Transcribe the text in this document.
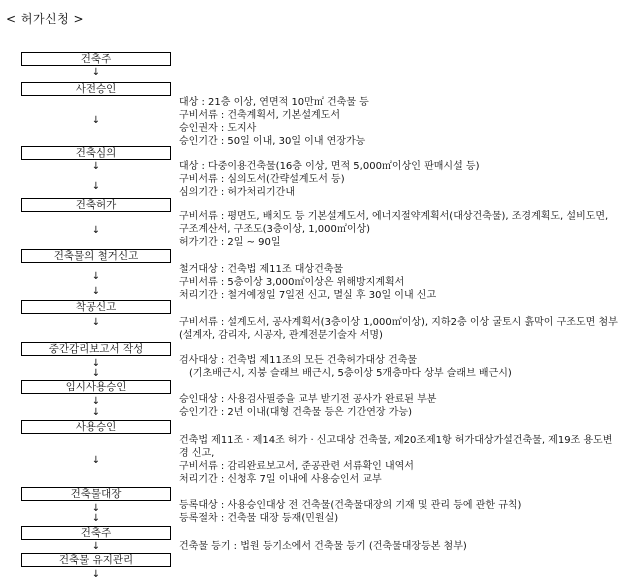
< 허가신청 >
건축주
사전승인
건축심의
건축허가
건축물의 철거신고
착공신고
중간감리보고서 작성
임시사용승인
사용승인
건축물대장
건축주
건축물 유지관리
↓
↓
↓
↓
↓
↓
↓
↓
↓
↓
↓
↓
↓
↓
↓
↓
↓
대상 : 21층 이상, 연면적 10만㎡ 건축물 등
구비서류 : 건축계획서, 기본설계도서
승인권자 : 도지사
승인기간 : 50일 이내, 30일 이내 연장가능
대상 : 다중이용건축물(16층 이상, 면적 5,000㎡이상인 판매시설 등)
구비서류 : 심의도서(간략설계도서 등)
심의기간 : 허가처리기간내
구비서류 : 평면도, 배치도 등 기본설계도서, 에너지절약계획서(대상건축물), 조경계획도, 설비도면, 구조계산서, 구조도(3층이상, 1,000㎡이상)
허가기간 : 2일 ~ 90일
철거대상 : 건축법 제11조 대상건축물
구비서류 : 5층이상 3,000㎡이상은 위해방지계획서
처리기간 : 철거예정일 7일전 신고, 멸실 후 30일 이내 신고
구비서류 : 설계도서, 공사계획서(3층이상 1,000㎡이상), 지하2층 이상 굴토시 흙막이 구조도면 첨부(설계자, 감리자, 시공자, 관계전문기술자 서명)
검사대상 : 건축법 제11조의 모든 건축허가대상 건축물
(기초배근시, 지붕 슬래브 배근시, 5층이상 5개층마다 상부 슬래브 배근시)
승인대상 : 사용검사필증을 교부 받기전 공사가 완료된 부분
승인기간 : 2년 이내(대형 건축물 등은 기간연장 가능)
건축법 제11조 · 제14조 허가 · 신고대상 건축물, 제20조제1항 허가대상가설건축물, 제19조 용도변경 신고,
구비서류 : 감리완료보고서, 준공관련 서류확인 내역서
처리기간 : 신청후 7일 이내에 사용승인서 교부
등록대상 : 사용승인대상 전 건축물(건축물대장의 기재 및 관리 등에 관한 규칙)
등록절차 : 건축물 대장 등재(민원실)
건축물 등기 : 법원 등기소에서 건축물 등기 (건축물대장등본 첨부)
